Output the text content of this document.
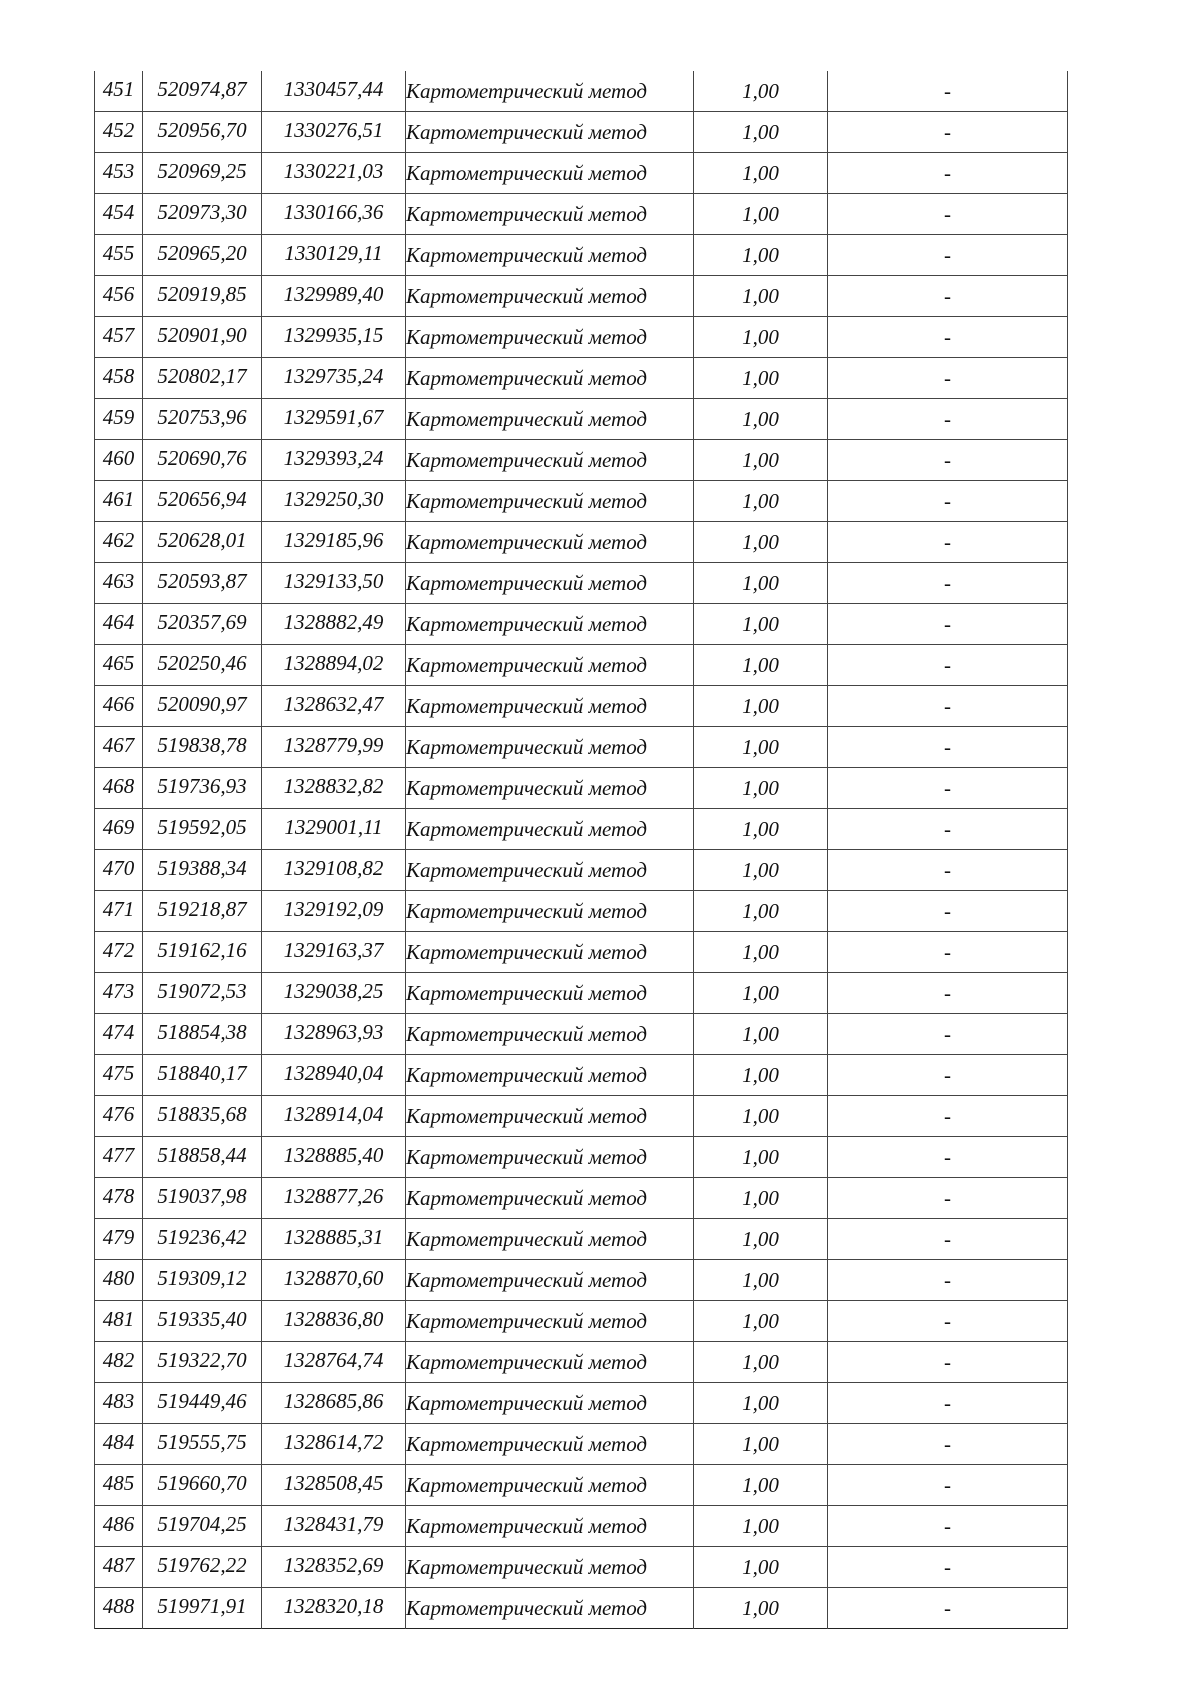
451	520974,87	1330457,44	Картометрический метод	1,00	-
452	520956,70	1330276,51	Картометрический метод	1,00	-
453	520969,25	1330221,03	Картометрический метод	1,00	-
454	520973,30	1330166,36	Картометрический метод	1,00	-
455	520965,20	1330129,11	Картометрический метод	1,00	-
456	520919,85	1329989,40	Картометрический метод	1,00	-
457	520901,90	1329935,15	Картометрический метод	1,00	-
458	520802,17	1329735,24	Картометрический метод	1,00	-
459	520753,96	1329591,67	Картометрический метод	1,00	-
460	520690,76	1329393,24	Картометрический метод	1,00	-
461	520656,94	1329250,30	Картометрический метод	1,00	-
462	520628,01	1329185,96	Картометрический метод	1,00	-
463	520593,87	1329133,50	Картометрический метод	1,00	-
464	520357,69	1328882,49	Картометрический метод	1,00	-
465	520250,46	1328894,02	Картометрический метод	1,00	-
466	520090,97	1328632,47	Картометрический метод	1,00	-
467	519838,78	1328779,99	Картометрический метод	1,00	-
468	519736,93	1328832,82	Картометрический метод	1,00	-
469	519592,05	1329001,11	Картометрический метод	1,00	-
470	519388,34	1329108,82	Картометрический метод	1,00	-
471	519218,87	1329192,09	Картометрический метод	1,00	-
472	519162,16	1329163,37	Картометрический метод	1,00	-
473	519072,53	1329038,25	Картометрический метод	1,00	-
474	518854,38	1328963,93	Картометрический метод	1,00	-
475	518840,17	1328940,04	Картометрический метод	1,00	-
476	518835,68	1328914,04	Картометрический метод	1,00	-
477	518858,44	1328885,40	Картометрический метод	1,00	-
478	519037,98	1328877,26	Картометрический метод	1,00	-
479	519236,42	1328885,31	Картометрический метод	1,00	-
480	519309,12	1328870,60	Картометрический метод	1,00	-
481	519335,40	1328836,80	Картометрический метод	1,00	-
482	519322,70	1328764,74	Картометрический метод	1,00	-
483	519449,46	1328685,86	Картометрический метод	1,00	-
484	519555,75	1328614,72	Картометрический метод	1,00	-
485	519660,70	1328508,45	Картометрический метод	1,00	-
486	519704,25	1328431,79	Картометрический метод	1,00	-
487	519762,22	1328352,69	Картометрический метод	1,00	-
488	519971,91	1328320,18	Картометрический метод	1,00	-
